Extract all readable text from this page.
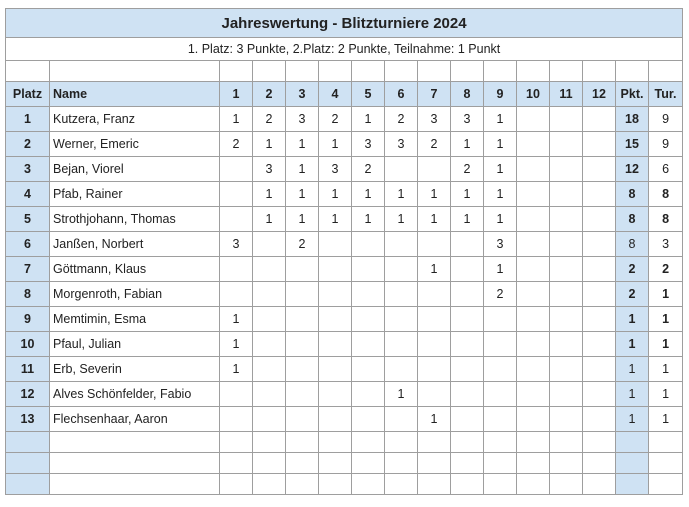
Jahreswertung - Blitzturniere 2024															
1. Platz: 3 Punkte, 2.Platz: 2 Punkte, Teilnahme: 1 Punkt															

Platz	Name	1	2	3	4	5	6	7	8	9	10	11	12	Pkt.	Tur.
1	Kutzera, Franz	1	2	3	2	1	2	3	3	1				18	9
2	Werner, Emeric	2	1	1	1	3	3	2	1	1				15	9
3	Bejan, Viorel		3	1	3	2			2	1				12	6
4	Pfab, Rainer		1	1	1	1	1	1	1	1				8	8
5	Strothjohann, Thomas		1	1	1	1	1	1	1	1				8	8
6	Janßen, Norbert	3		2						3				8	3
7	Göttmann, Klaus							1		1				2	2
8	Morgenroth, Fabian									2				2	1
9	Memtimin, Esma	1												1	1
10	Pfaul, Julian	1												1	1
11	Erb, Severin	1												1	1
12	Alves Schönfelder, Fabio						1							1	1
13	Flechsenhaar, Aaron							1						1	1
